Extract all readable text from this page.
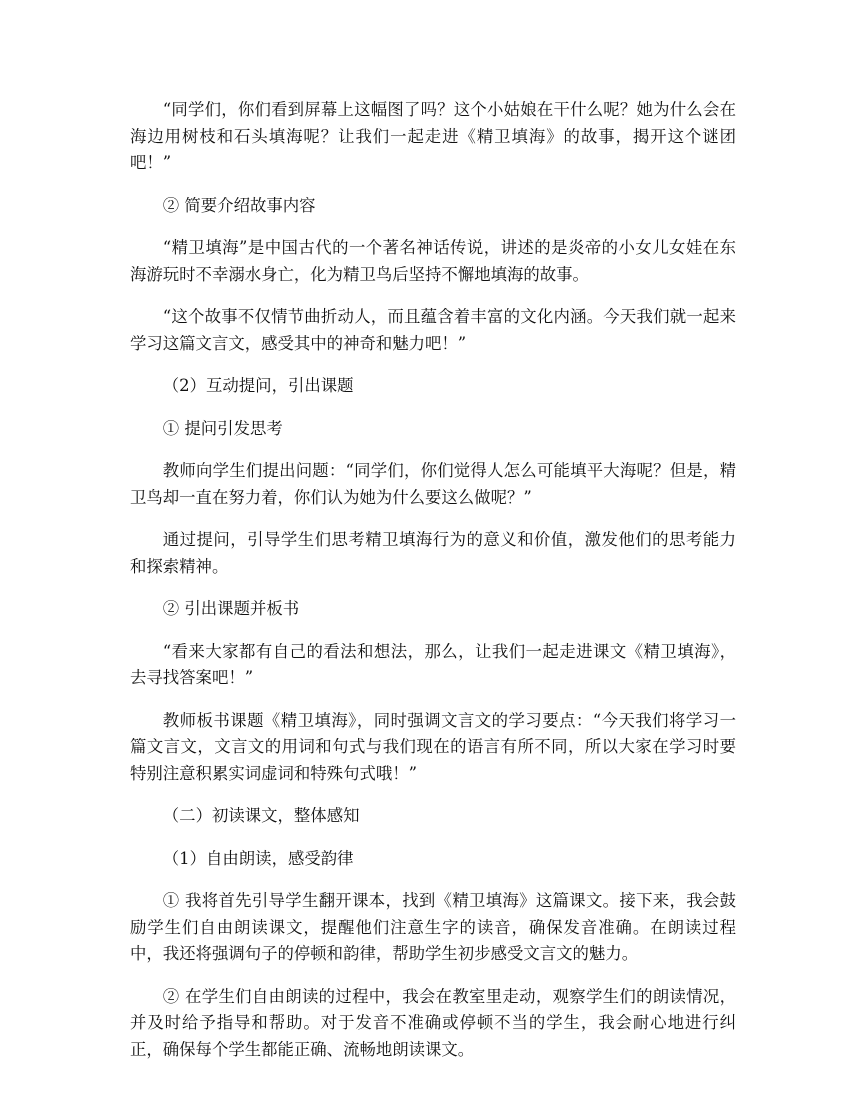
“同学们，你们看到屏幕上这幅图了吗？这个小姑娘在干什么呢？她为什么会在海边用树枝和石头填海呢？让我们一起走进《精卫填海》的故事，揭开这个谜团吧！”

② 简要介绍故事内容

“精卫填海”是中国古代的一个著名神话传说，讲述的是炎帝的小女儿女娃在东海游玩时不幸溺水身亡，化为精卫鸟后坚持不懈地填海的故事。

“这个故事不仅情节曲折动人，而且蕴含着丰富的文化内涵。今天我们就一起来学习这篇文言文，感受其中的神奇和魅力吧！”

（2）互动提问，引出课题

① 提问引发思考

教师向学生们提出问题：“同学们，你们觉得人怎么可能填平大海呢？但是，精卫鸟却一直在努力着，你们认为她为什么要这么做呢？”

通过提问，引导学生们思考精卫填海行为的意义和价值，激发他们的思考能力和探索精神。

② 引出课题并板书

“看来大家都有自己的看法和想法，那么，让我们一起走进课文《精卫填海》，去寻找答案吧！”

教师板书课题《精卫填海》，同时强调文言文的学习要点：“今天我们将学习一篇文言文，文言文的用词和句式与我们现在的语言有所不同，所以大家在学习时要特别注意积累实词虚词和特殊句式哦！”

（二）初读课文，整体感知

（1）自由朗读，感受韵律

① 我将首先引导学生翻开课本，找到《精卫填海》这篇课文。接下来，我会鼓励学生们自由朗读课文，提醒他们注意生字的读音，确保发音准确。在朗读过程中，我还将强调句子的停顿和韵律，帮助学生初步感受文言文的魅力。

② 在学生们自由朗读的过程中，我会在教室里走动，观察学生们的朗读情况，并及时给予指导和帮助。对于发音不准确或停顿不当的学生，我会耐心地进行纠正，确保每个学生都能正确、流畅地朗读课文。
